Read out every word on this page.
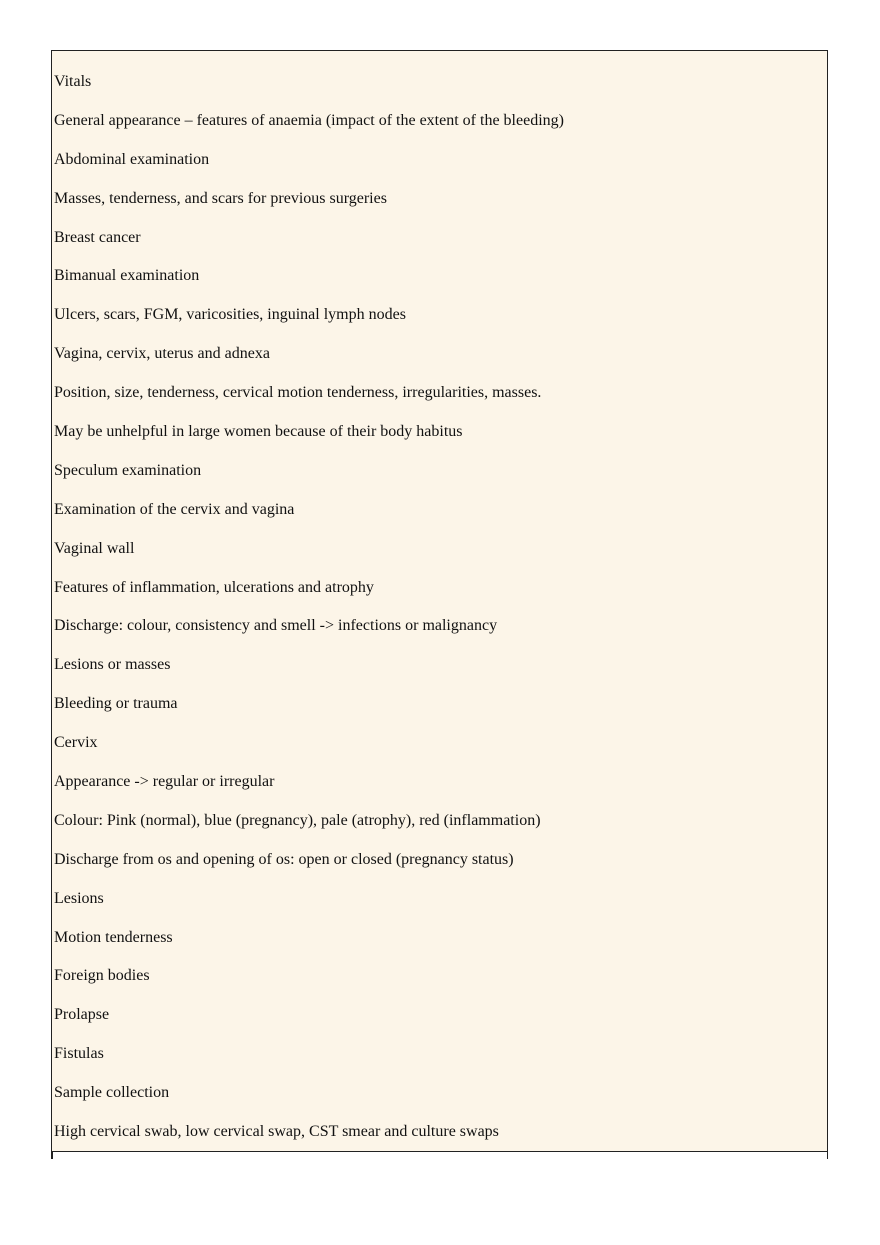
Vitals
General appearance – features of anaemia (impact of the extent of the bleeding)
Abdominal examination
Masses, tenderness, and scars for previous surgeries
Breast cancer
Bimanual examination
Ulcers, scars, FGM, varicosities, inguinal lymph nodes
Vagina, cervix, uterus and adnexa
Position, size, tenderness, cervical motion tenderness, irregularities, masses.
May be unhelpful in large women because of their body habitus
Speculum examination
Examination of the cervix and vagina
Vaginal wall
Features of inflammation, ulcerations and atrophy
Discharge: colour, consistency and smell -> infections or malignancy
Lesions or masses
Bleeding or trauma
Cervix
Appearance -> regular or irregular
Colour: Pink (normal), blue (pregnancy), pale (atrophy), red (inflammation)
Discharge from os and opening of os: open or closed (pregnancy status)
Lesions
Motion tenderness
Foreign bodies
Prolapse
Fistulas
Sample collection
High cervical swab, low cervical swap, CST smear and culture swaps
